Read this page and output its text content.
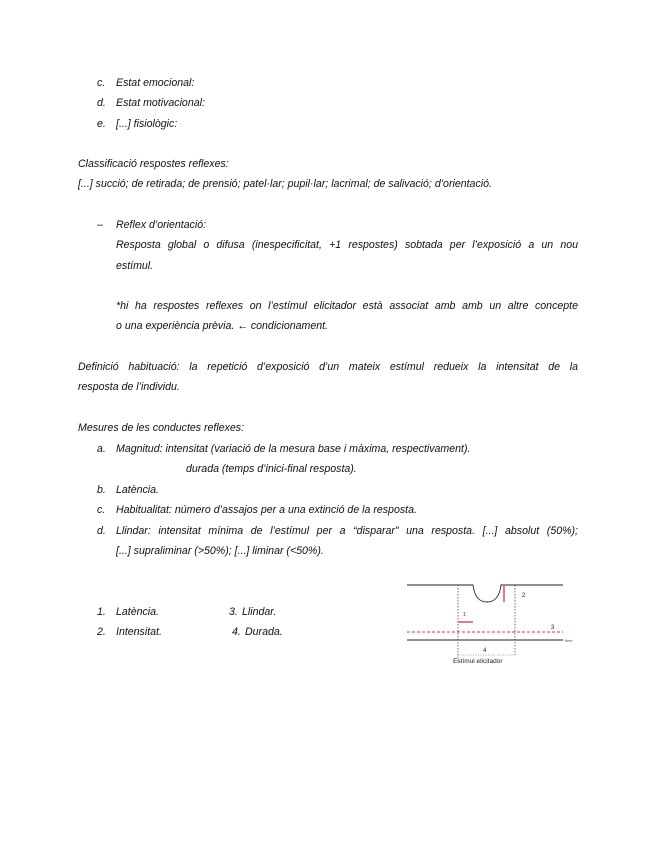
c. Estat emocional:
d. Estat motivacional:
e. [...] fisiològic:
Classificació respostes reflexes:
[...] succió; de retirada; de prensió; patel·lar; pupil·lar; lacrimal; de salivació; d’orientació.
– Reflex d’orientació:
Resposta global o difusa (inespecificitat, +1 respostes) sobtada per l’exposició a un nou
estímul.
*hi ha respostes reflexes on l’estímul elicitador està associat amb amb un altre concepte
o una experiència prèvia. ← condicionament.
Definició habituació: la repetició d’exposició d’un mateix estímul redueix la intensitat de la
resposta de l’individu.
Mesures de les conductes reflexes:
a. Magnitud: intensitat (variació de la mesura base i màxima, respectivament).
durada (temps d’inici-final resposta).
b. Latència.
c. Habitualitat: número d’assajos per a una extinció de la resposta.
d. Llindar: intensitat mínima de l’estímul per a “disparar” una resposta. [...] absolut (50%);
[...] supraliminar (>50%); [...] liminar (<50%).
1. Latència.	3. Llindar.
2. Intensitat.	4. Durada.
2
3
1
4
time
Estímul elicitador
